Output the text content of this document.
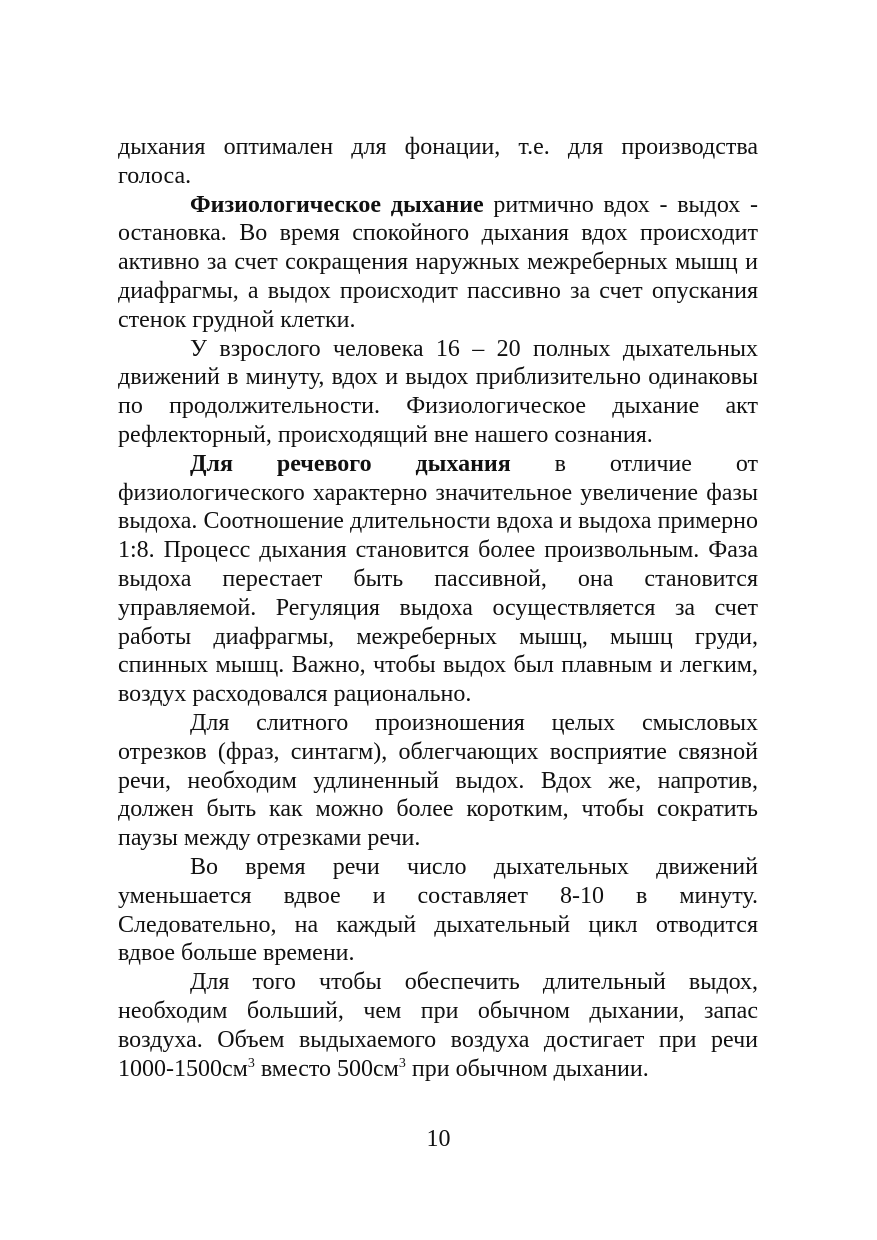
дыхания оптимален для фонации, т.е. для производства голоса.

Физиологическое дыхание ритмично вдох - выдох - остановка. Во время спокойного дыхания вдох происходит активно за счет сокращения наружных межреберных мышц и диафрагмы, а выдох происходит пассивно за счет опускания стенок грудной клетки.

У взрослого человека 16 – 20 полных дыхательных движений в минуту, вдох и выдох приблизительно одинаковы по продолжительности. Физиологическое дыхание акт рефлекторный, происходящий вне нашего сознания.

Для речевого дыхания в отличие от физиологического характерно значительное увеличение фазы выдоха. Соотношение длительности вдоха и выдоха примерно 1:8. Процесс дыхания становится более произвольным. Фаза выдоха перестает быть пассивной, она становится управляемой. Регуляция выдоха осуществляется за счет работы диафрагмы, межреберных мышц, мышц груди, спинных мышц. Важно, чтобы выдох был плавным и легким, воздух расходовался рационально.

Для слитного произношения целых смысловых отрезков (фраз, синтагм), облегчающих восприятие связной речи, необходим удлиненный выдох. Вдох же, напротив, должен быть как можно более коротким, чтобы сократить паузы между отрезками речи.

Во время речи число дыхательных движений уменьшается вдвое и составляет 8-10 в минуту. Следовательно, на каждый дыхательный цикл отводится вдвое больше времени.

Для того чтобы обеспечить длительный выдох, необходим больший, чем при обычном дыхании, запас воздуха. Объем выдыхаемого воздуха достигает при речи $1000-1500см^3$ вместо $500см^3$ при обычном дыхании.

10
